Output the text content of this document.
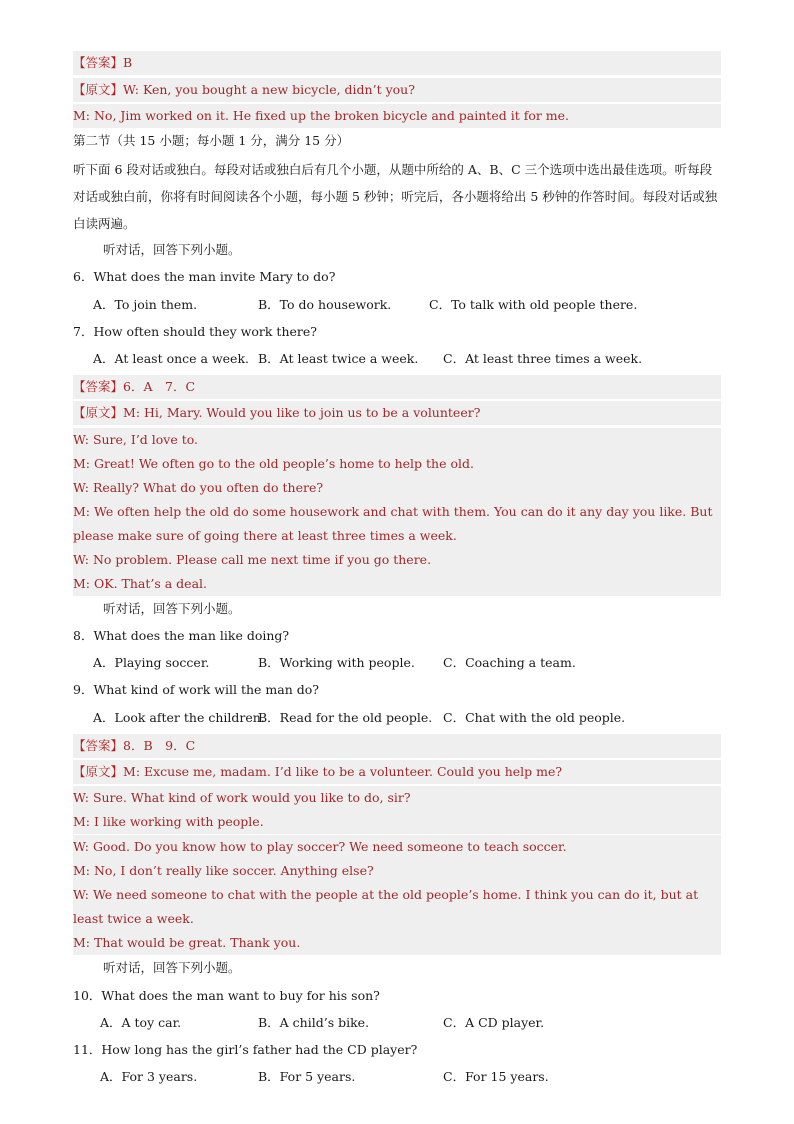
【答案】B
【原文】W: Ken, you bought a new bicycle, didn’t you?
M: No, Jim worked on it. He fixed up the broken bicycle and painted it for me.
第二节（共 15 小题；每小题 1 分，满分 15 分）
听下面 6 段对话或独白。每段对话或独白后有几个小题，从题中所给的 A、B、C 三个选项中选出最佳选项。听每段对话或独白前，你将有时间阅读各个小题，每小题 5 秒钟；听完后，各小题将给出 5 秒钟的作答时间。每段对话或独白读两遍。
听对话，回答下列小题。
6．What does the man invite Mary to do?
A．To join them.	B．To do housework.	C．To talk with old people there.
7．How often should they work there?
A．At least once a week. B．At least twice a week. C．At least three times a week.
【答案】6．A　7．C
【原文】M: Hi, Mary. Would you like to join us to be a volunteer?
W: Sure, I’d love to.
M: Great! We often go to the old people’s home to help the old.
W: Really? What do you often do there?
M: We often help the old do some housework and chat with them. You can do it any day you like. But please make sure of going there at least three times a week.
W: No problem. Please call me next time if you go there.
M: OK. That’s a deal.
听对话，回答下列小题。
8．What does the man like doing?
A．Playing soccer.	B．Working with people. C．Coaching a team.
9．What kind of work will the man do?
A．Look after the children.
B．Read for the old people. C．Chat with the old people.
【答案】8．B　9．C
【原文】M: Excuse me, madam. I’d like to be a volunteer. Could you help me?
W: Sure. What kind of work would you like to do, sir?
M: I like working with people.
W: Good. Do you know how to play soccer? We need someone to teach soccer.
M: No, I don’t really like soccer. Anything else?
W: We need someone to chat with the people at the old people’s home. I think you can do it, but at least twice a week.
M: That would be great. Thank you.
听对话，回答下列小题。
10．What does the man want to buy for his son?
A．A toy car.	B．A child’s bike.	C．A CD player.
11．How long has the girl’s father had the CD player?
A．For 3 years.	B．For 5 years.	C．For 15 years.
